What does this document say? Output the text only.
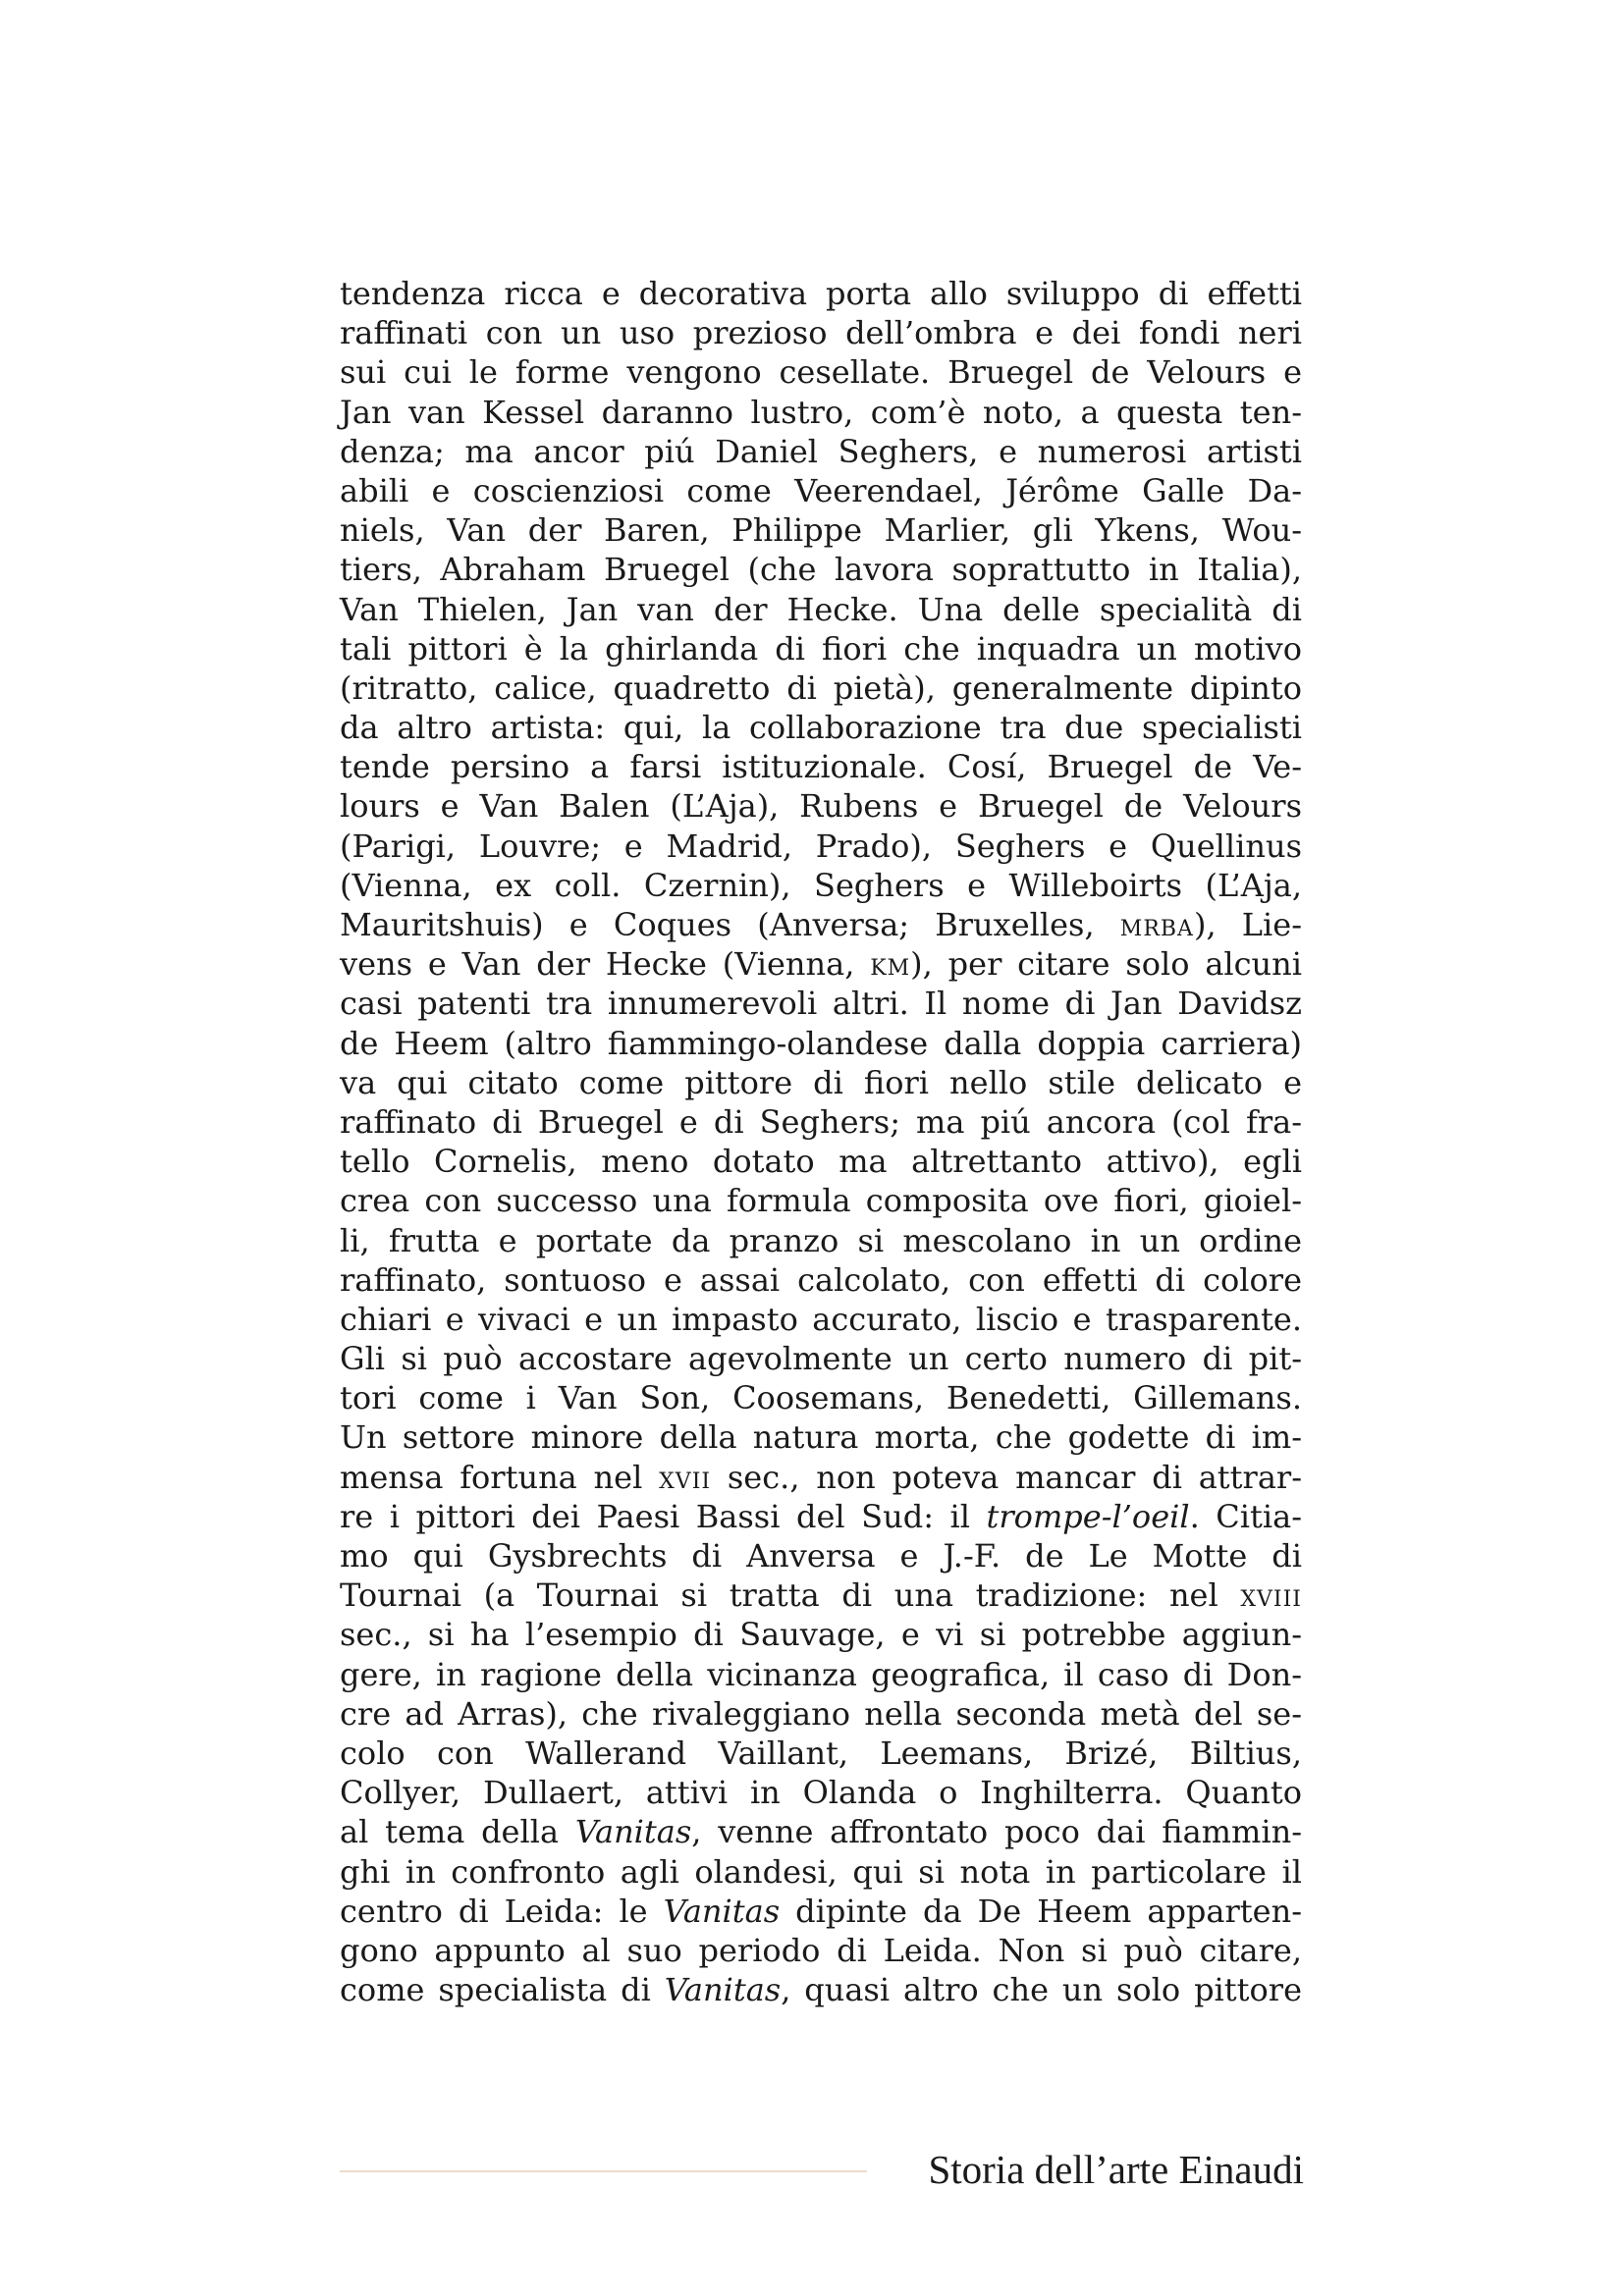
tendenza ricca e decorativa porta allo sviluppo di effetti
raffinati con un uso prezioso dell’ombra e dei fondi neri
sui cui le forme vengono cesellate. Bruegel de Velours e
Jan van Kessel daranno lustro, com’è noto, a questa ten-
denza; ma ancor piú Daniel Seghers, e numerosi artisti
abili e coscienziosi come Veerendael, Jérôme Galle Da-
niels, Van der Baren, Philippe Marlier, gli Ykens, Wou-
tiers, Abraham Bruegel (che lavora soprattutto in Italia),
Van Thielen, Jan van der Hecke. Una delle specialità di
tali pittori è la ghirlanda di fiori che inquadra un motivo
(ritratto, calice, quadretto di pietà), generalmente dipinto
da altro artista: qui, la collaborazione tra due specialisti
tende persino a farsi istituzionale. Cosí, Bruegel de Ve-
lours e Van Balen (L’Aja), Rubens e Bruegel de Velours
(Parigi, Louvre; e Madrid, Prado), Seghers e Quellinus
(Vienna, ex coll. Czernin), Seghers e Willeboirts (L’Aja,
Mauritshuis) e Coques (Anversa; Bruxelles, mrba), Lie-
vens e Van der Hecke (Vienna, km), per citare solo alcuni
casi patenti tra innumerevoli altri. Il nome di Jan Davidsz
de Heem (altro fiammingo-olandese dalla doppia carriera)
va qui citato come pittore di fiori nello stile delicato e
raffinato di Bruegel e di Seghers; ma piú ancora (col fra-
tello Cornelis, meno dotato ma altrettanto attivo), egli
crea con successo una formula composita ove fiori, gioiel-
li, frutta e portate da pranzo si mescolano in un ordine
raffinato, sontuoso e assai calcolato, con effetti di colore
chiari e vivaci e un impasto accurato, liscio e trasparente.
Gli si può accostare agevolmente un certo numero di pit-
tori come i Van Son, Coosemans, Benedetti, Gillemans.
Un settore minore della natura morta, che godette di im-
mensa fortuna nel xvii sec., non poteva mancar di attrar-
re i pittori dei Paesi Bassi del Sud: il trompe-l’oeil. Citia-
mo qui Gysbrechts di Anversa e J.-F. de Le Motte di
Tournai (a Tournai si tratta di una tradizione: nel xviii
sec., si ha l’esempio di Sauvage, e vi si potrebbe aggiun-
gere, in ragione della vicinanza geografica, il caso di Don-
cre ad Arras), che rivaleggiano nella seconda metà del se-
colo con Wallerand Vaillant, Leemans, Brizé, Biltius,
Collyer, Dullaert, attivi in Olanda o Inghilterra. Quanto
al tema della Vanitas, venne affrontato poco dai fiammin-
ghi in confronto agli olandesi, qui si nota in particolare il
centro di Leida: le Vanitas dipinte da De Heem apparten-
gono appunto al suo periodo di Leida. Non si può citare,
come specialista di Vanitas, quasi altro che un solo pittore
Storia dell’arte Einaudi
